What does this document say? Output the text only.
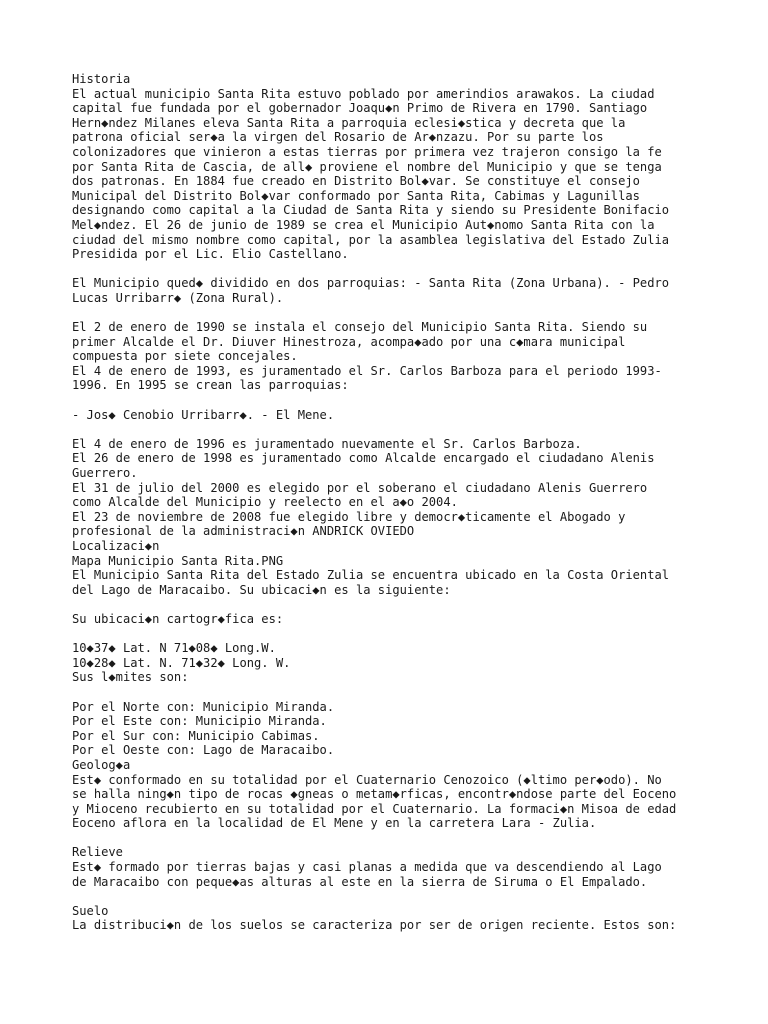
Historia
El actual municipio Santa Rita estuvo poblado por amerindios arawakos. La ciudad
capital fue fundada por el gobernador Joaqu◆n Primo de Rivera en 1790. Santiago
Hern◆ndez Milanes eleva Santa Rita a parroquia eclesi◆stica y decreta que la
patrona oficial ser◆a la virgen del Rosario de Ar◆nzazu. Por su parte los
colonizadores que vinieron a estas tierras por primera vez trajeron consigo la fe
por Santa Rita de Cascia, de all◆ proviene el nombre del Municipio y que se tenga
dos patronas. En 1884 fue creado en Distrito Bol◆var. Se constituye el consejo
Municipal del Distrito Bol◆var conformado por Santa Rita, Cabimas y Lagunillas
designando como capital a la Ciudad de Santa Rita y siendo su Presidente Bonifacio
Mel◆ndez. El 26 de junio de 1989 se crea el Municipio Aut◆nomo Santa Rita con la
ciudad del mismo nombre como capital, por la asamblea legislativa del Estado Zulia
Presidida por el Lic. Elio Castellano.
El Municipio qued◆ dividido en dos parroquias: - Santa Rita (Zona Urbana). - Pedro
Lucas Urribarr◆ (Zona Rural).
El 2 de enero de 1990 se instala el consejo del Municipio Santa Rita. Siendo su
primer Alcalde el Dr. Diuver Hinestroza, acompa◆ado por una c◆mara municipal
compuesta por siete concejales.
El 4 de enero de 1993, es juramentado el Sr. Carlos Barboza para el periodo 1993-
1996. En 1995 se crean las parroquias:
- Jos◆ Cenobio Urribarr◆. - El Mene.
El 4 de enero de 1996 es juramentado nuevamente el Sr. Carlos Barboza.
El 26 de enero de 1998 es juramentado como Alcalde encargado el ciudadano Alenis
Guerrero.
El 31 de julio del 2000 es elegido por el soberano el ciudadano Alenis Guerrero
como Alcalde del Municipio y reelecto en el a◆o 2004.
El 23 de noviembre de 2008 fue elegido libre y democr◆ticamente el Abogado y
profesional de la administraci◆n ANDRICK OVIEDO
Localizaci◆n
Mapa Municipio Santa Rita.PNG
El Municipio Santa Rita del Estado Zulia se encuentra ubicado en la Costa Oriental
del Lago de Maracaibo. Su ubicaci◆n es la siguiente:
Su ubicaci◆n cartogr◆fica es:
10◆37◆ Lat. N 71◆08◆ Long.W.
10◆28◆ Lat. N. 71◆32◆ Long. W.
Sus l◆mites son:
Por el Norte con: Municipio Miranda.
Por el Este con: Municipio Miranda.
Por el Sur con: Municipio Cabimas.
Por el Oeste con: Lago de Maracaibo.
Geolog◆a
Est◆ conformado en su totalidad por el Cuaternario Cenozoico (◆ltimo per◆odo). No
se halla ning◆n tipo de rocas ◆gneas o metam◆rficas, encontr◆ndose parte del Eoceno
y Mioceno recubierto en su totalidad por el Cuaternario. La formaci◆n Misoa de edad
Eoceno aflora en la localidad de El Mene y en la carretera Lara - Zulia.
Relieve
Est◆ formado por tierras bajas y casi planas a medida que va descendiendo al Lago
de Maracaibo con peque◆as alturas al este en la sierra de Siruma o El Empalado.
Suelo
La distribuci◆n de los suelos se caracteriza por ser de origen reciente. Estos son:
